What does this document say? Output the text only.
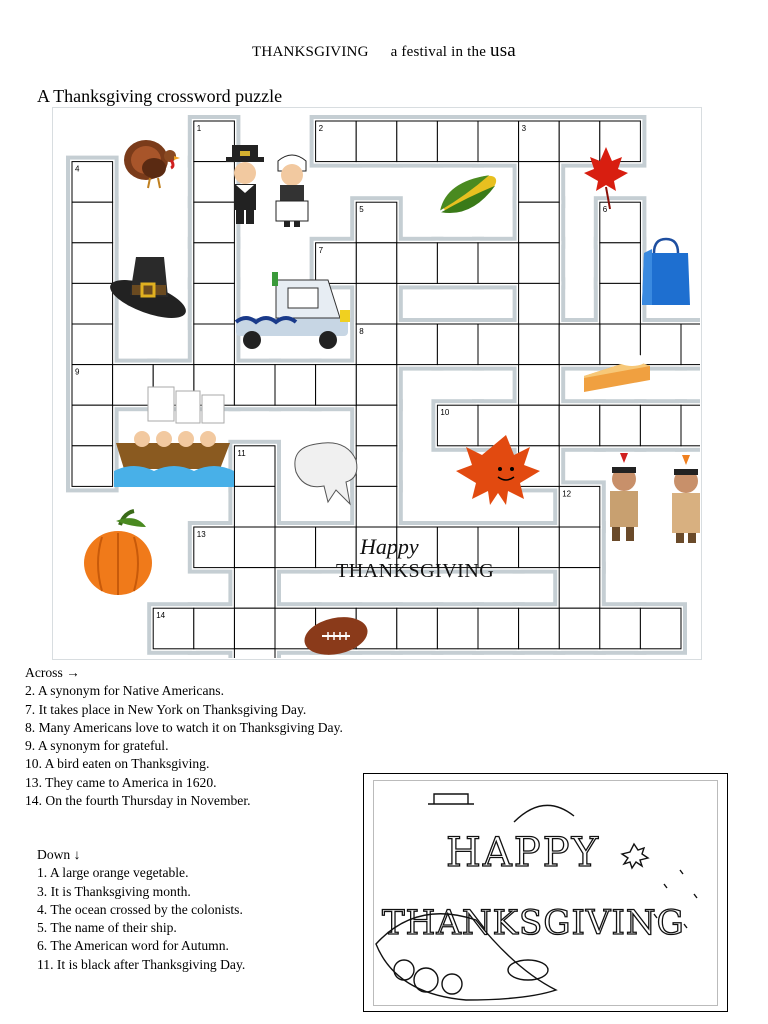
THANKSGIVING a festival in the usa
A Thanksgiving crossword puzzle
1	2	3
4
5	6
7
8
9
10
11
12
13
14
Happy
THANKSGIVING
Across →
2. A synonym for Native Americans.
7. It takes place in New York on Thanksgiving Day.
8. Many Americans love to watch it on Thanksgiving Day.
9. A synonym for grateful.
10. A bird eaten on Thanksgiving.
13. They came to America in 1620.
14. On the fourth Thursday in November.
Down ↓
1. A large orange vegetable.
3. It is Thanksgiving month.
4. The ocean crossed by the colonists.
5. The name of their ship.
6. The American word for Autumn.
11. It is black after Thanksgiving Day.
HAPPY
THANKSGIVING
